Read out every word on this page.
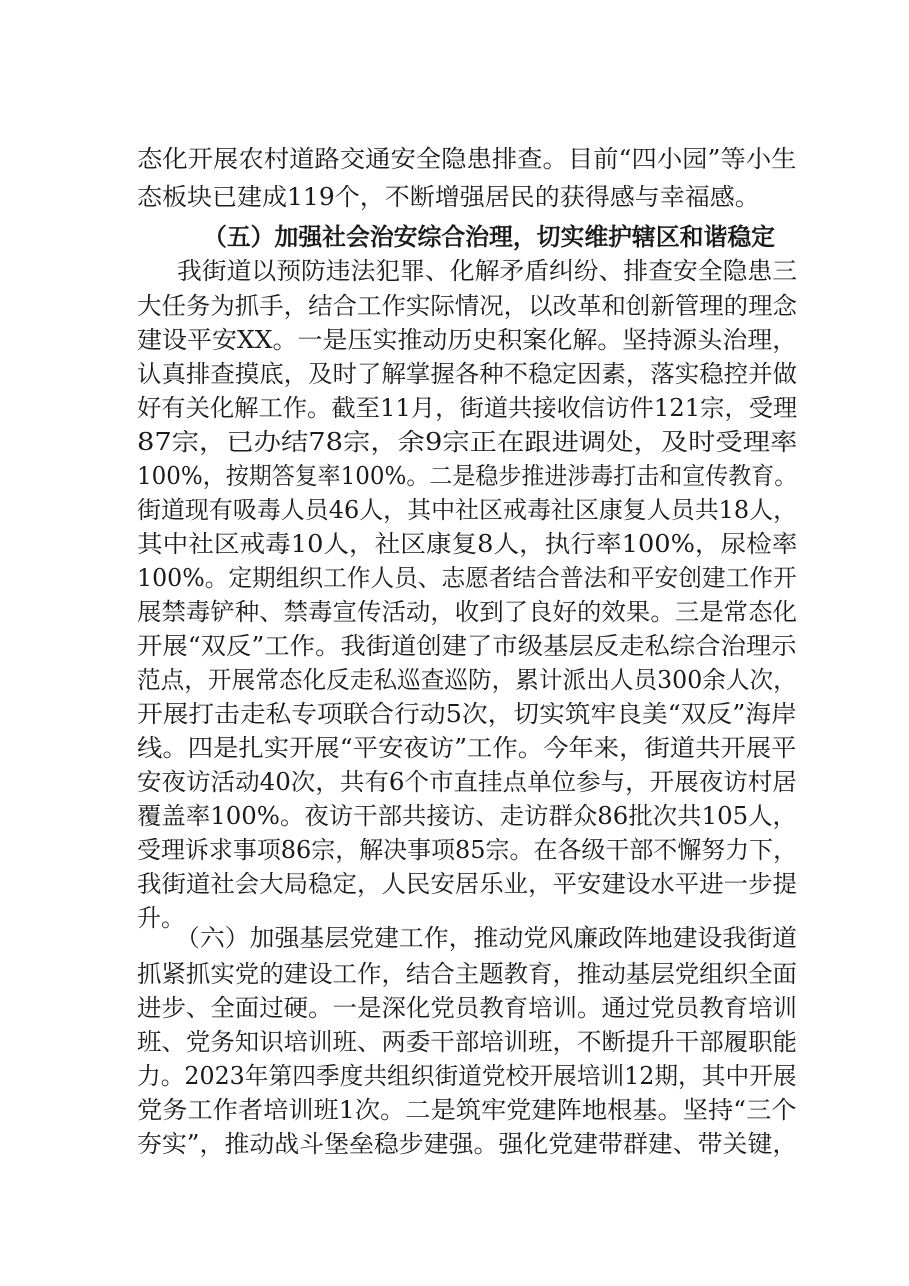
态化开展农村道路交通安全隐患排查。目前“四小园”等小生
态板块已建成119个，不断增强居民的获得感与幸福感。
（五）加强社会治安综合治理，切实维护辖区和谐稳定
我街道以预防违法犯罪、化解矛盾纠纷、排查安全隐患三
大任务为抓手，结合工作实际情况，以改革和创新管理的理念
建设平安XX。一是压实推动历史积案化解。坚持源头治理，
认真排查摸底，及时了解掌握各种不稳定因素，落实稳控并做
好有关化解工作。截至11月，街道共接收信访件121宗，受理
87宗，已办结78宗，余9宗正在跟进调处，及时受理率
100%，按期答复率100%。二是稳步推进涉毒打击和宣传教育。
街道现有吸毒人员46人，其中社区戒毒社区康复人员共18人，
其中社区戒毒10人，社区康复8人，执行率100%，尿检率
100%。定期组织工作人员、志愿者结合普法和平安创建工作开
展禁毒铲种、禁毒宣传活动，收到了良好的效果。三是常态化
开展“双反”工作。我街道创建了市级基层反走私综合治理示
范点，开展常态化反走私巡查巡防，累计派出人员300余人次，
开展打击走私专项联合行动5次，切实筑牢良美“双反”海岸
线。四是扎实开展“平安夜访”工作。今年来，街道共开展平
安夜访活动40次，共有6个市直挂点单位参与，开展夜访村居
覆盖率100%。夜访干部共接访、走访群众86批次共105人，
受理诉求事项86宗，解决事项85宗。在各级干部不懈努力下，
我街道社会大局稳定，人民安居乐业，平安建设水平进一步提
升。
（六）加强基层党建工作，推动党风廉政阵地建设我街道
抓紧抓实党的建设工作，结合主题教育，推动基层党组织全面
进步、全面过硬。一是深化党员教育培训。通过党员教育培训
班、党务知识培训班、两委干部培训班，不断提升干部履职能
力。2023年第四季度共组织街道党校开展培训12期，其中开展
党务工作者培训班1次。二是筑牢党建阵地根基。坚持“三个
夯实”，推动战斗堡垒稳步建强。强化党建带群建、带关键，
